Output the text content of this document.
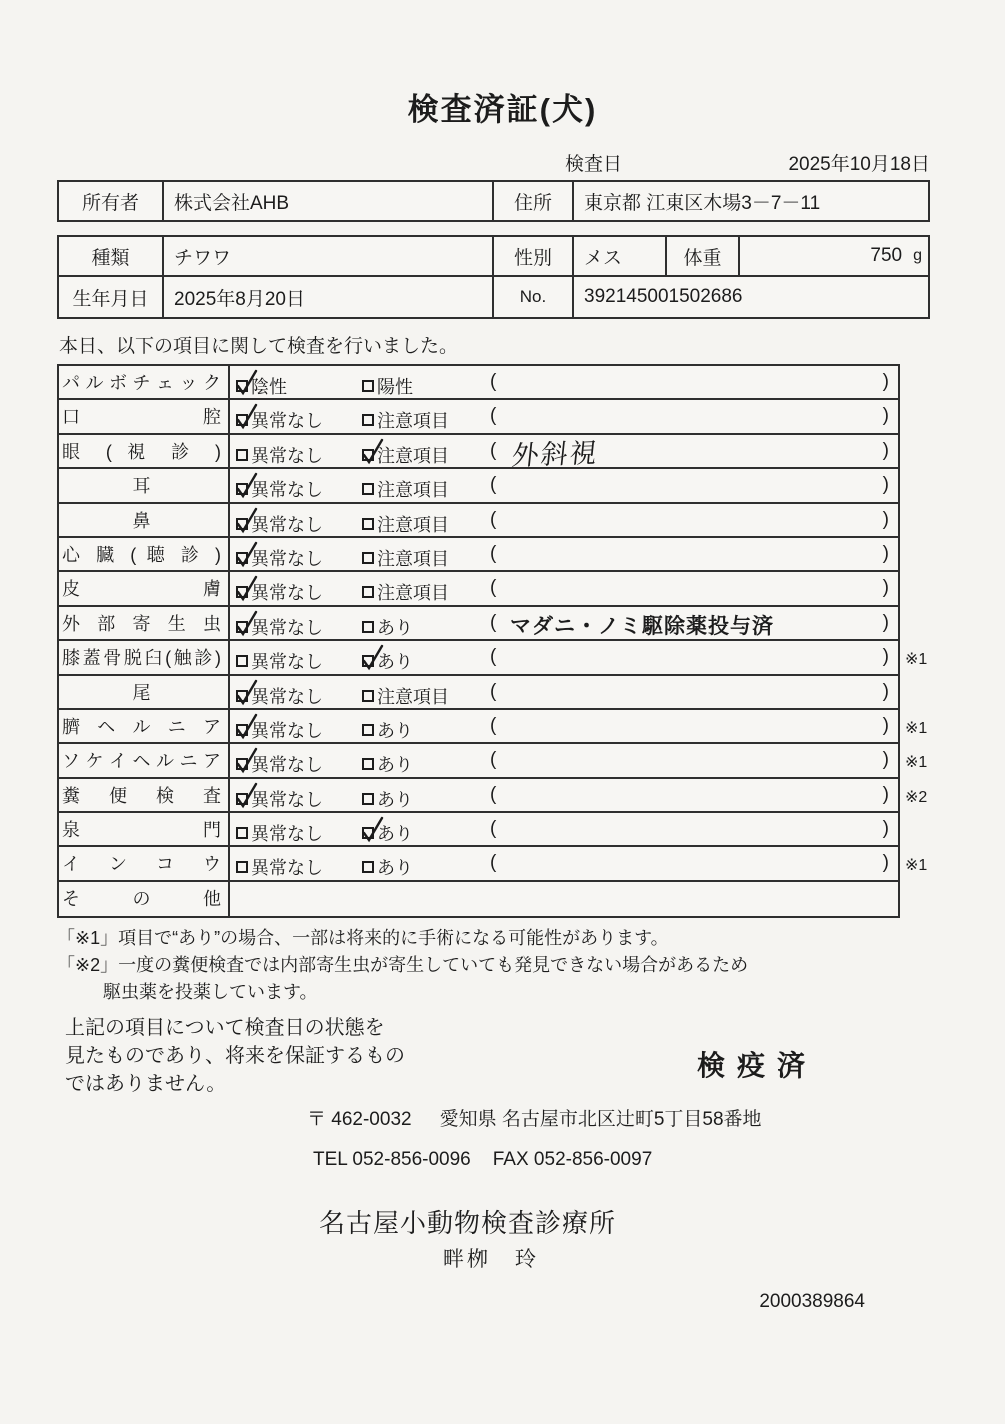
検査済証(犬)
検査日	2025年10月18日
所有者	株式会社AHB	住所	東京都 江東区木場3－7－11
種類	チワワ	性別	メス	体重	750 g
生年月日	2025年8月20日	No.	392145001502686

本日、以下の項目に関して検査を行いました。

パ ル ボ チ ェ ッ ク	陰性	陽性	(	)
口 腔	異常なし	注意項目 (	)
眼 ( 視 診 )	異常なし	注意項目 ( 外斜視	)
耳	異常なし	注意項目 (	)
鼻	異常なし	注意項目 (	)
心 臓 ( 聴 診 )	異常なし	注意項目 (	)
皮 膚	異常なし	注意項目 (	)
外 部 寄 生 虫	異常なし	あり	( マダニ・ノミ駆除薬投与済	)
膝蓋骨脱臼(触診)	異常なし	あり	(	) ※1
尾	異常なし	注意項目 (	)
臍 ヘ ル ニ ア	異常なし	あり	(	) ※1
ソ ケ イ ヘ ル ニ ア	異常なし	あり	(	) ※1
糞 便 検 査	異常なし	あり	(	) ※2
泉 門	異常なし	あり	(	)
イ ン コ ウ	異常なし	あり	(	) ※1
そ の 他

「※1」項目で“あり”の場合、一部は将来的に手術になる可能性があります。

「※2」一度の糞便検査では内部寄生虫が寄生していても発見できない場合があるため

駆虫薬を投薬しています。

上記の項目について検査日の状態を

見たものであり、将来を保証するもの

ではありません。

検疫済

〒 462-0032 愛知県 名古屋市北区辻町5丁目58番地

TEL 052-856-0096 FAX 052-856-0097

名古屋小動物検査診療所

畔栁　玲

2000389864
